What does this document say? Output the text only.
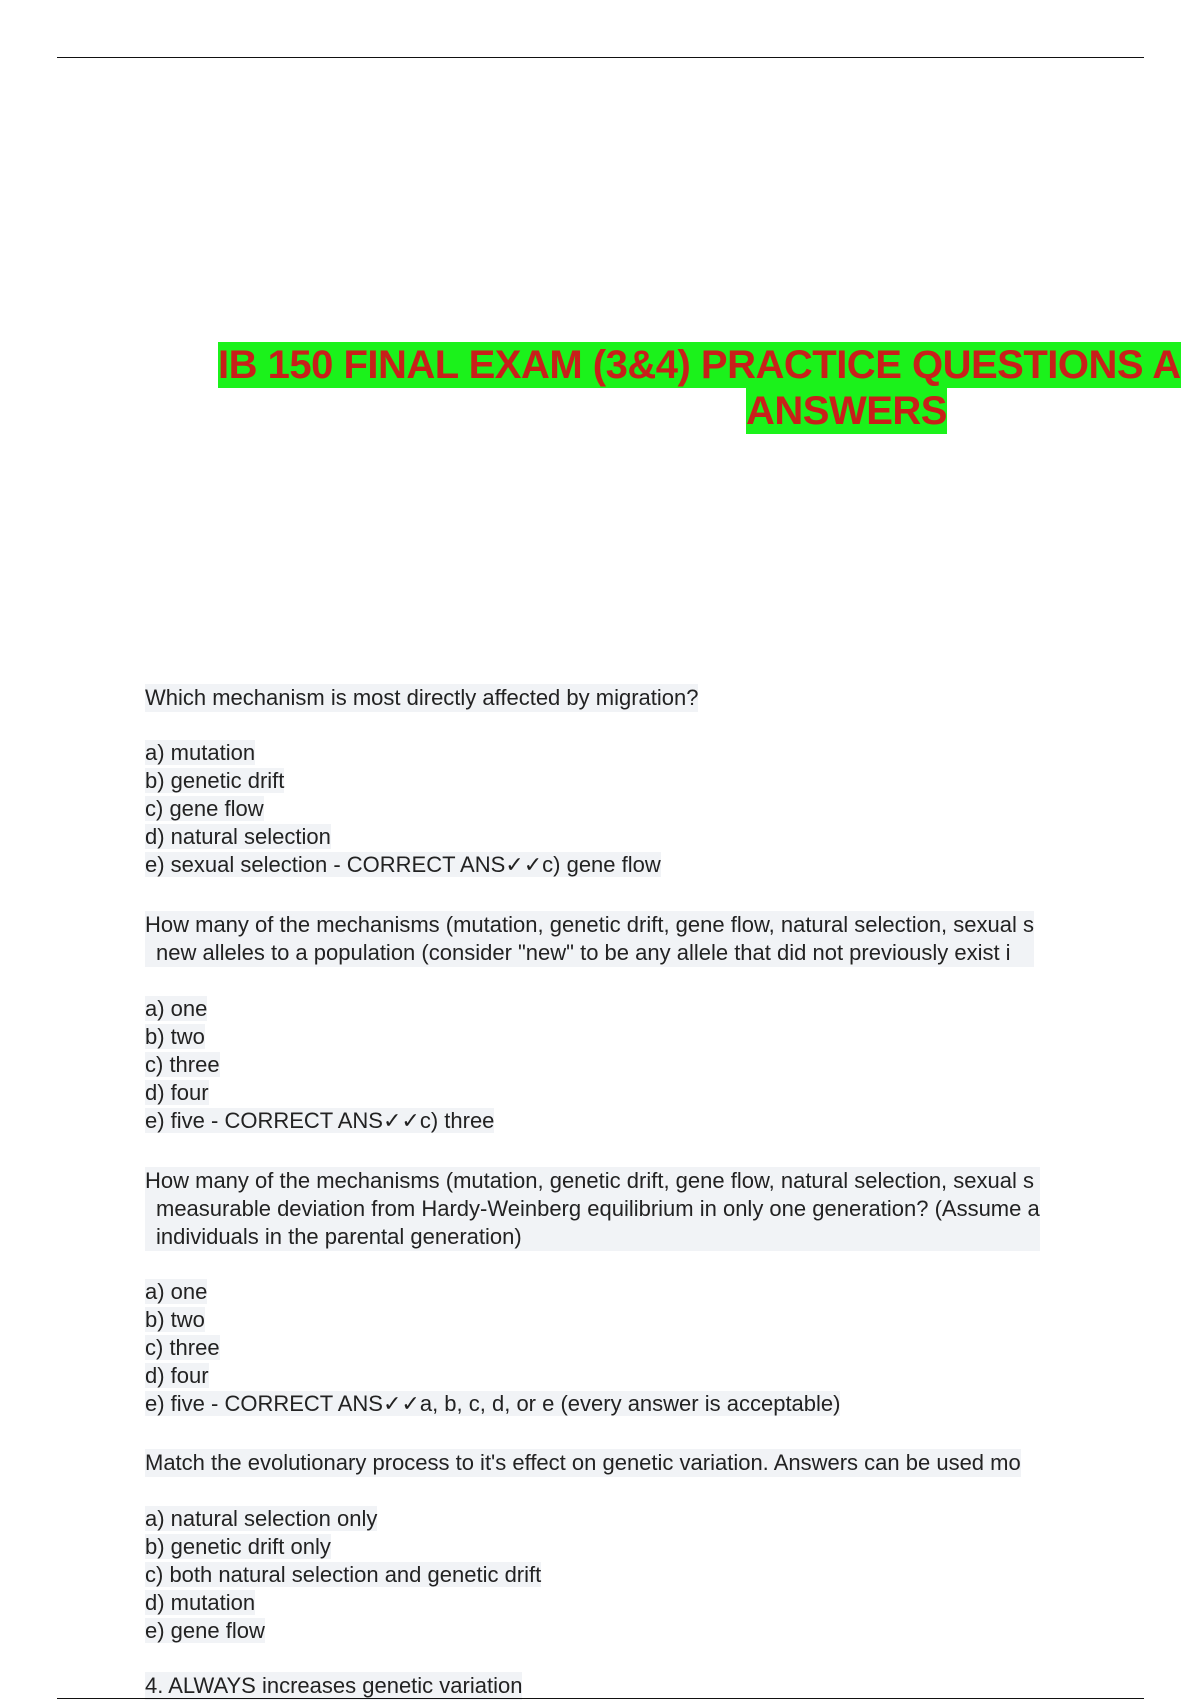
IB 150 FINAL EXAM (3&4) PRACTICE QUESTIONS A
ANSWERS
Which mechanism is most directly affected by migration?
a) mutation
b) genetic drift
c) gene flow
d) natural selection
e) sexual selection - CORRECT ANS✓✓c) gene flow
How many of the mechanisms (mutation, genetic drift, gene flow, natural selection, sexual s
new alleles to a population (consider "new" to be any allele that did not previously exist i
a) one
b) two
c) three
d) four
e) five - CORRECT ANS✓✓c) three
How many of the mechanisms (mutation, genetic drift, gene flow, natural selection, sexual s
measurable deviation from Hardy-Weinberg equilibrium in only one generation? (Assume a
individuals in the parental generation)
a) one
b) two
c) three
d) four
e) five - CORRECT ANS✓✓a, b, c, d, or e (every answer is acceptable)
Match the evolutionary process to it's effect on genetic variation. Answers can be used mo
a) natural selection only
b) genetic drift only
c) both natural selection and genetic drift
d) mutation
e) gene flow
4. ALWAYS increases genetic variation
